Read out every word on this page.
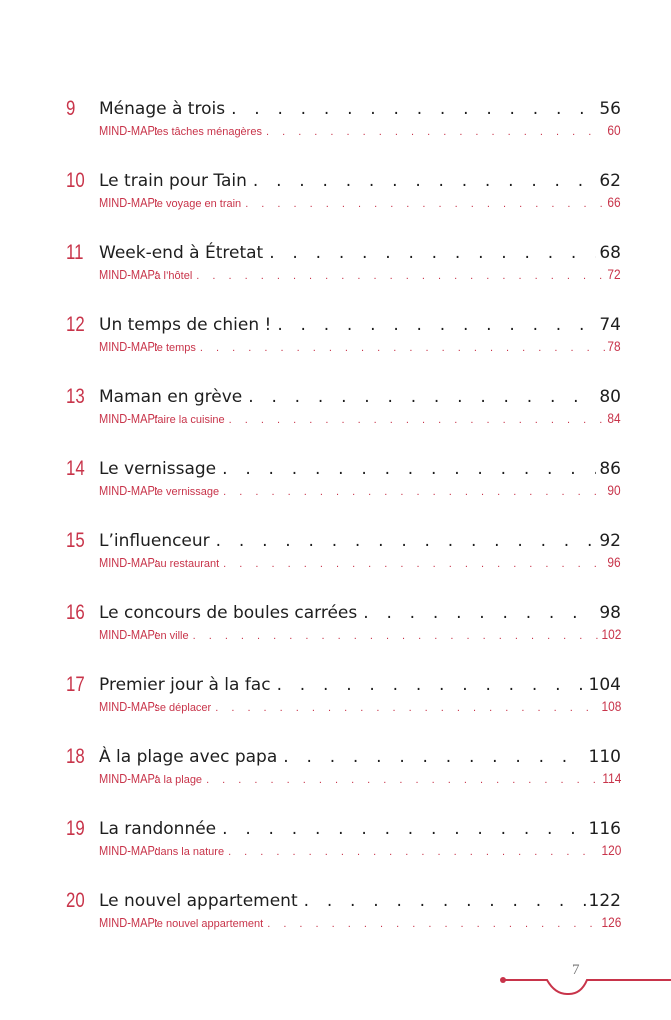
9 Ménage à trois . . .	56
MIND-MAP:
les tâches ménagères . . .	60
10 Le train pour Tain . . .	62
MIND-MAP:
le voyage en train . . .	66
11 Week-end à Étretat . . .	68
MIND-MAP:
à l’hôtel . . .	72
12 Un temps de chien ! . . .	74
MIND-MAP:
le temps . . .	78
13 Maman en grève . . .	80
MIND-MAP:
faire la cuisine . . .	84
14 Le vernissage . . .	86
MIND-MAP:
le vernissage . . .	90
15 L’influenceur . . .	92
MIND-MAP:
au restaurant . . .	96
16 Le concours de boules carrées . . .	98
MIND-MAP:
en ville . . .	102
17 Premier jour à la fac . . .	104
MIND-MAP:
se déplacer . . .	108
18 À la plage avec papa . . .	110
MIND-MAP:
à la plage . . .	114
19 La randonnée . . .	116
MIND-MAP:
dans la nature . . .	120
20 Le nouvel appartement . . .	122
MIND-MAP:
le nouvel appartement . . .	126
7
